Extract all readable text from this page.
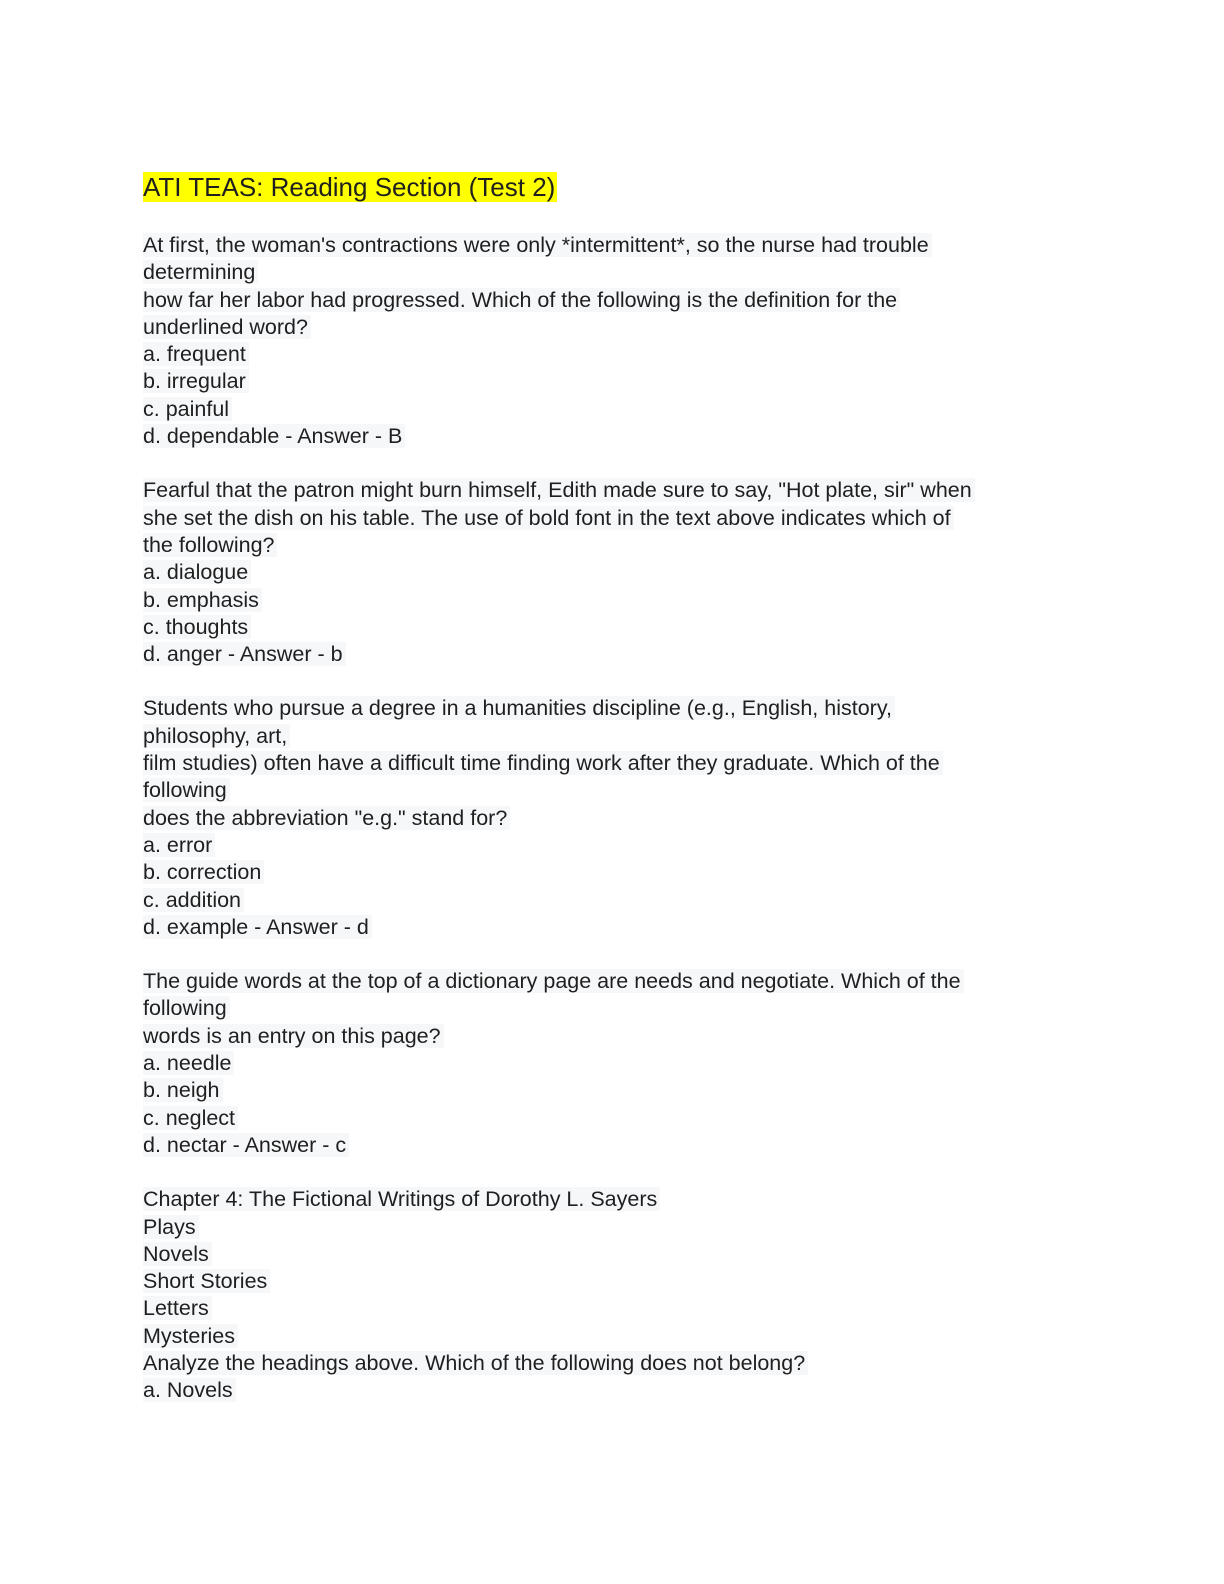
ATI TEAS: Reading Section (Test 2)
At first, the woman's contractions were only *intermittent*, so the nurse had trouble
determining
how far her labor had progressed. Which of the following is the definition for the
underlined word?
a. frequent
b. irregular
c. painful
d. dependable - Answer - B
Fearful that the patron might burn himself, Edith made sure to say, "Hot plate, sir" when
she set the dish on his table. The use of bold font in the text above indicates which of
the following?
a. dialogue
b. emphasis
c. thoughts
d. anger - Answer - b
Students who pursue a degree in a humanities discipline (e.g., English, history,
philosophy, art,
film studies) often have a difficult time finding work after they graduate. Which of the
following
does the abbreviation "e.g." stand for?
a. error
b. correction
c. addition
d. example - Answer - d
The guide words at the top of a dictionary page are needs and negotiate. Which of the
following
words is an entry on this page?
a. needle
b. neigh
c. neglect
d. nectar - Answer - c
Chapter 4: The Fictional Writings of Dorothy L. Sayers
Plays
Novels
Short Stories
Letters
Mysteries
Analyze the headings above. Which of the following does not belong?
a. Novels
